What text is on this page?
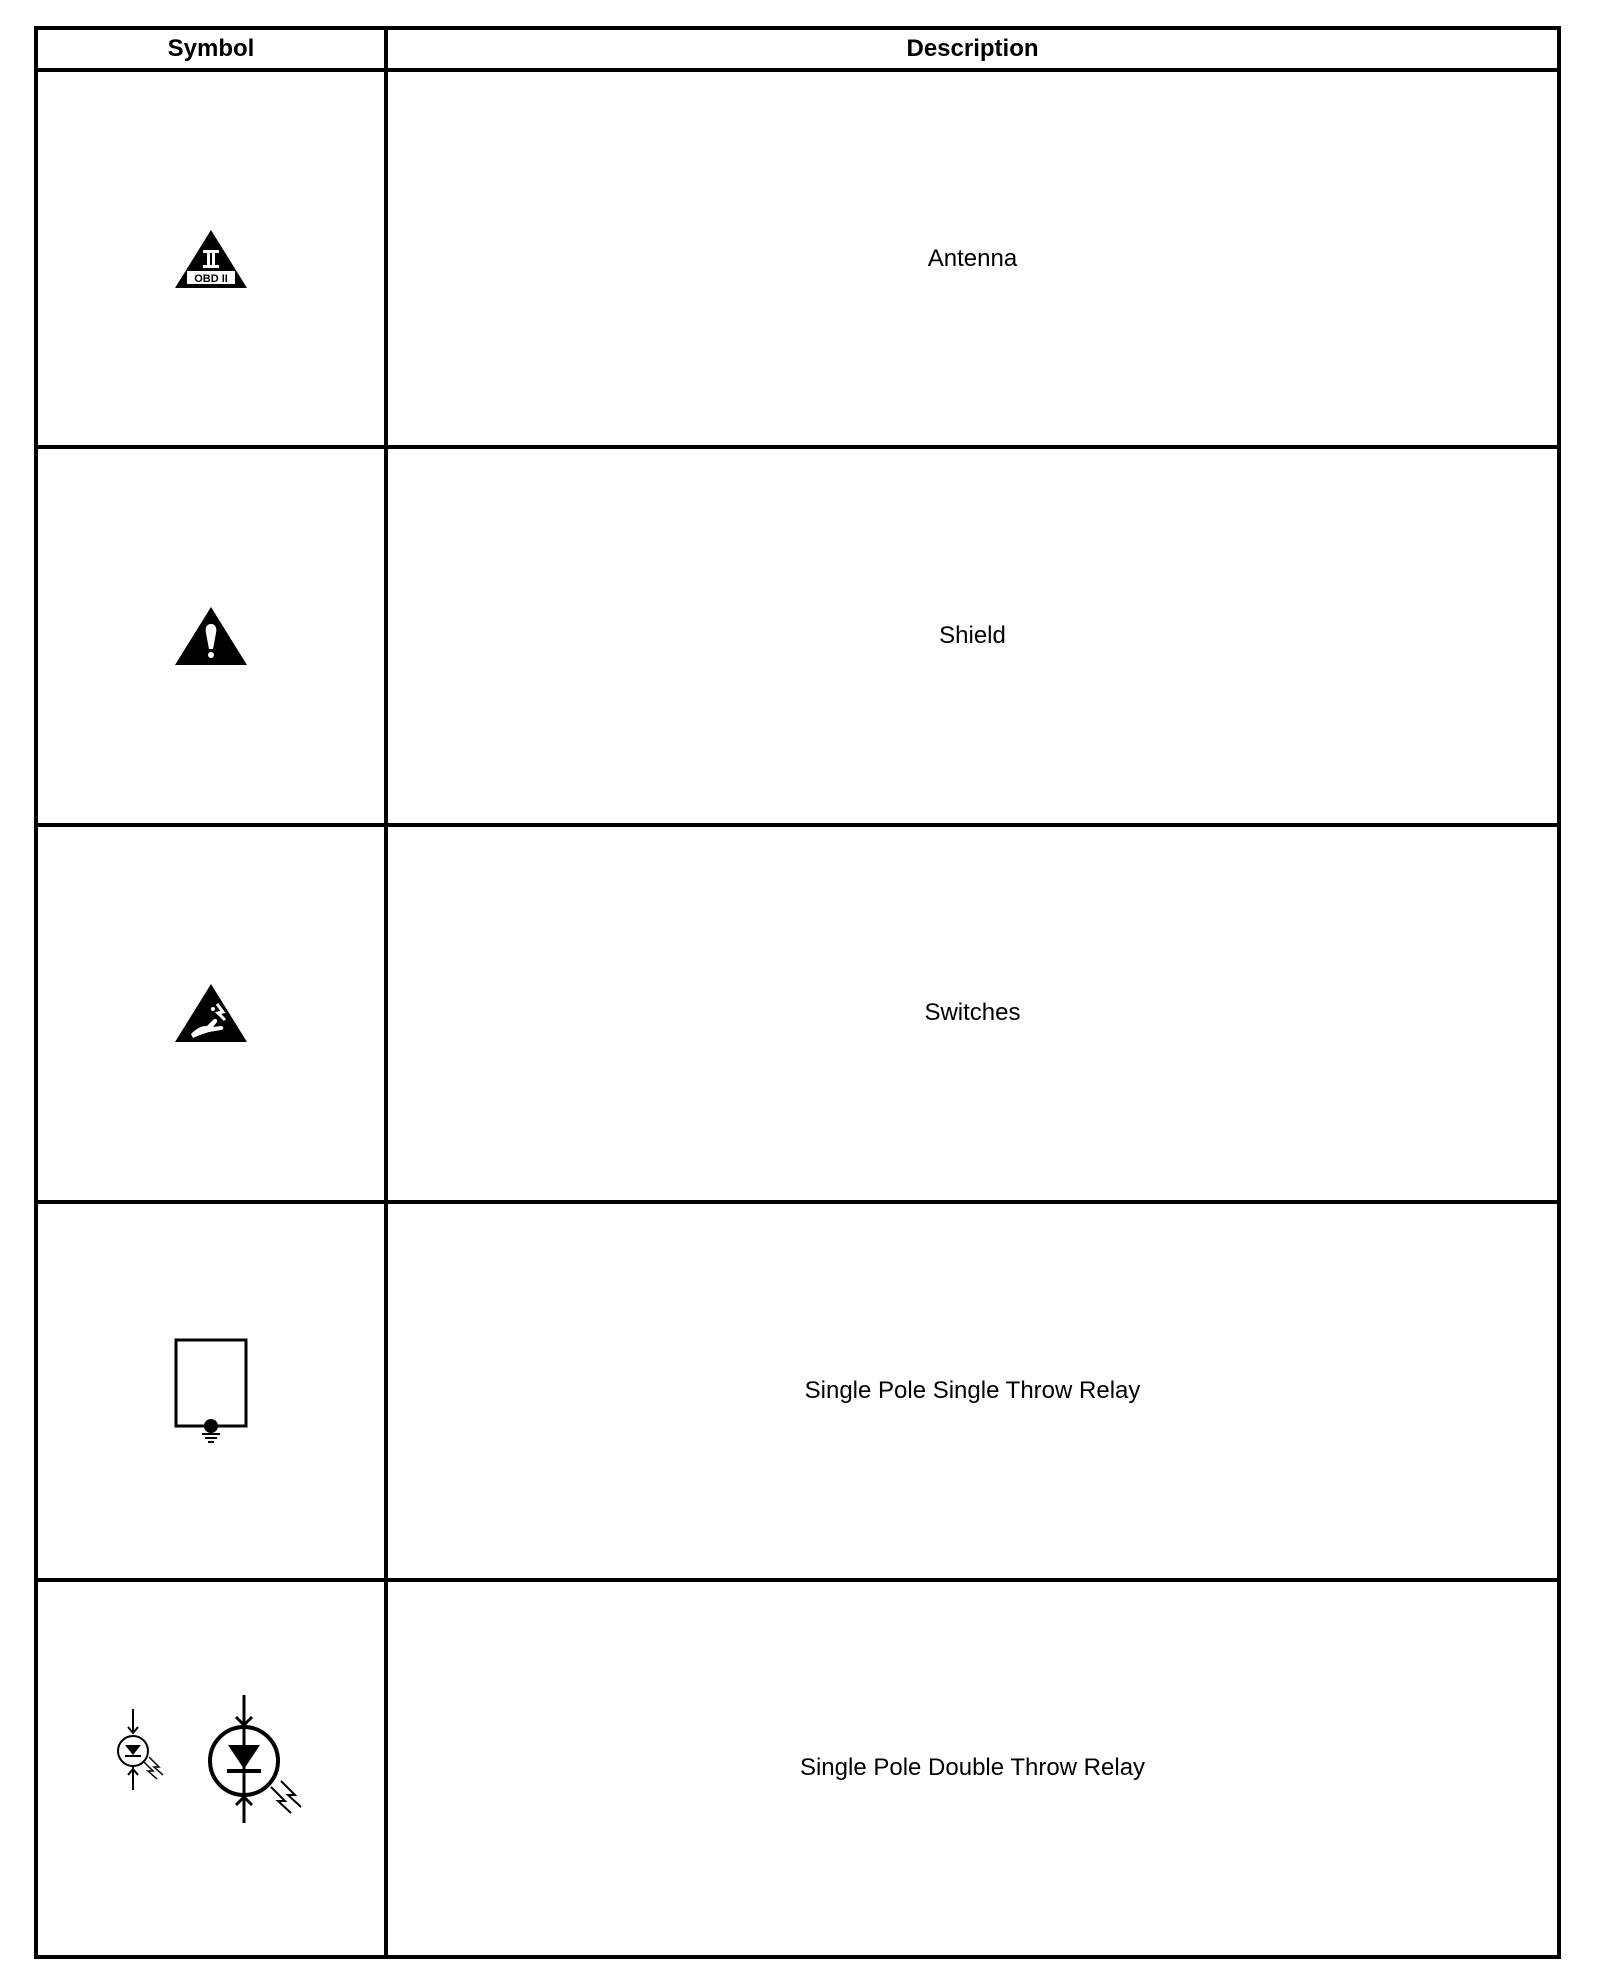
Symbol	Description

OBD II	Antenna

	Shield

	Switches

	Single Pole Single Throw Relay

	Single Pole Double Throw Relay
